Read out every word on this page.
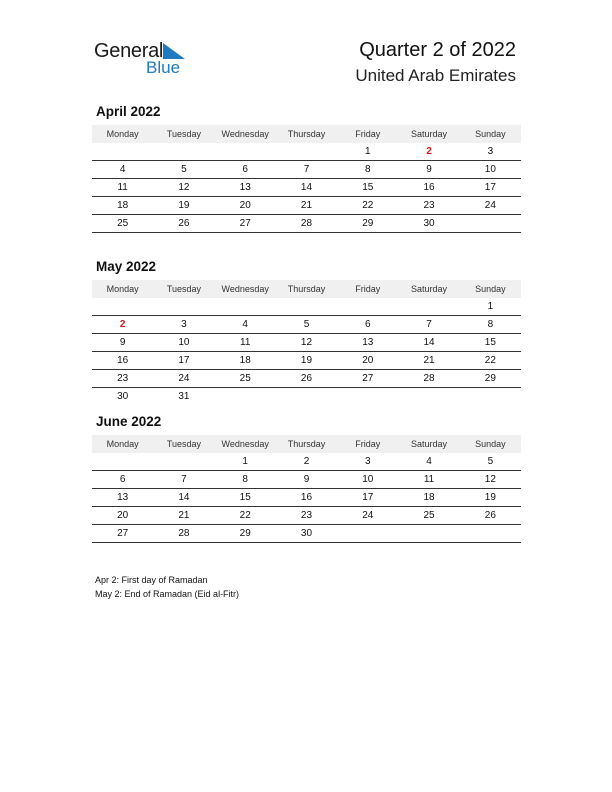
General
Blue
Quarter 2 of 2022
United Arab Emirates
April 2022
Monday	Tuesday	Wednesday	Thursday	Friday	Saturday	Sunday
				1	2	3
4	5	6	7	8	9	10
11	12	13	14	15	16	17
18	19	20	21	22	23	24
25	26	27	28	29	30	
May 2022
Monday	Tuesday	Wednesday	Thursday	Friday	Saturday	Sunday
						1
2	3	4	5	6	7	8
9	10	11	12	13	14	15
16	17	18	19	20	21	22
23	24	25	26	27	28	29
30	31					
June 2022
Monday	Tuesday	Wednesday	Thursday	Friday	Saturday	Sunday
		1	2	3	4	5
6	7	8	9	10	11	12
13	14	15	16	17	18	19
20	21	22	23	24	25	26
27	28	29	30			
Apr 2: First day of Ramadan
May 2: End of Ramadan (Eid al-Fitr)
